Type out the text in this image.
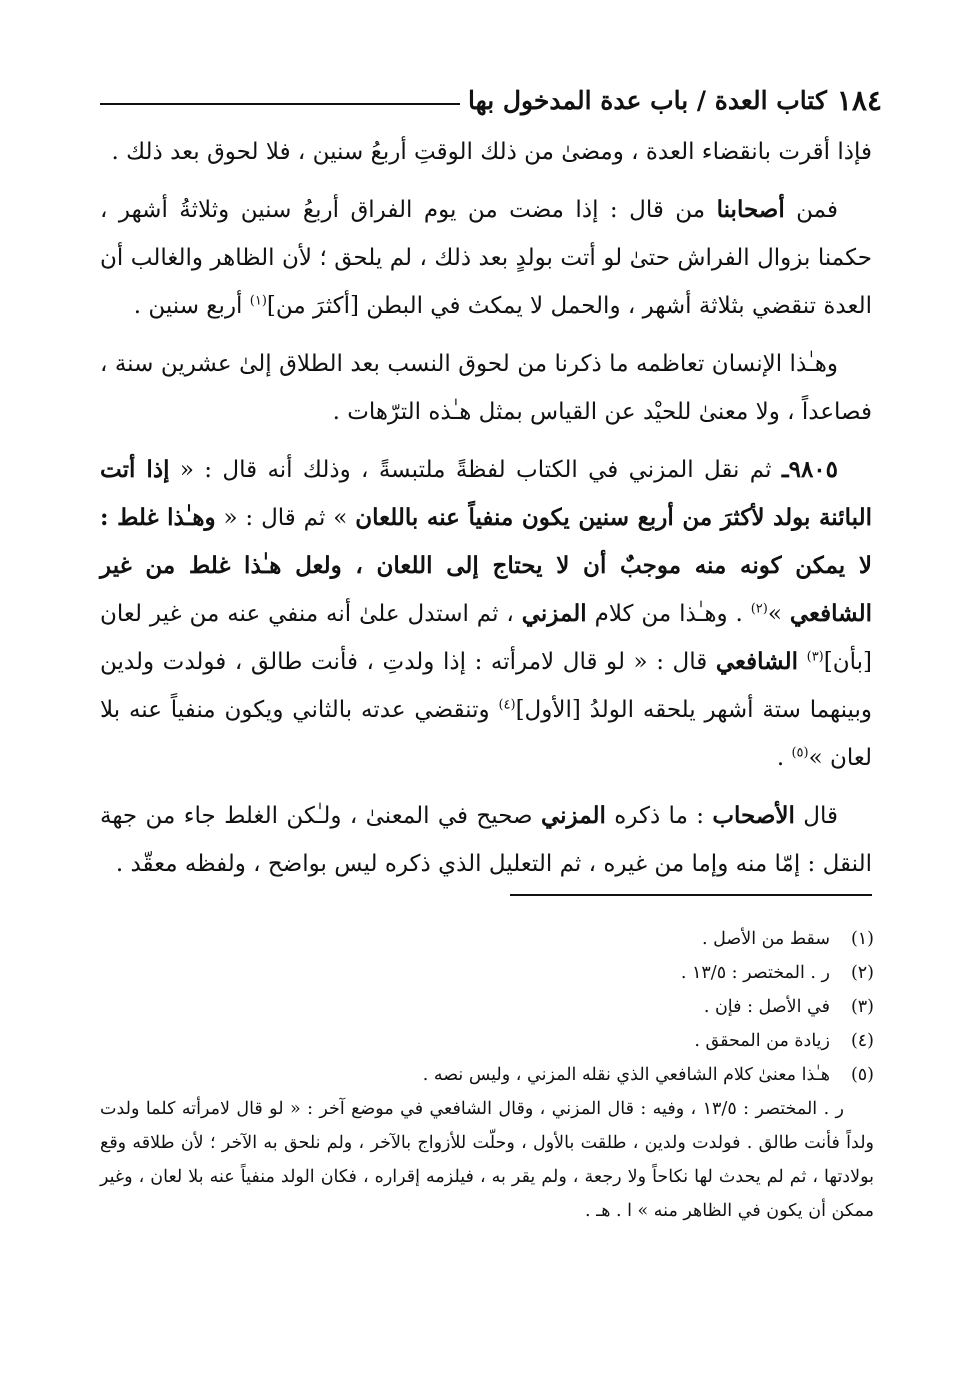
١٨٤
كتاب العدة / باب عدة المدخول بها

فإذا أقرت بانقضاء العدة ، ومضىٰ من ذلك الوقتِ أربعُ سنين ، فلا لحوق بعد ذلك .

فمن أصحابنا من قال : إذا مضت من يوم الفراق أربعُ سنين وثلاثةُ أشهر ، حكمنا بزوال الفراش حتىٰ لو أتت بولدٍ بعد ذلك ، لم يلحق ؛ لأن الظاهر والغالب أن العدة تنقضي بثلاثة أشهر ، والحمل لا يمكث في البطن [أكثرَ من]$^{(١)}$ أربع سنين .

وهـٰذا الإنسان تعاظمه ما ذكرنا من لحوق النسب بعد الطلاق إلىٰ عشرين سنة ، فصاعداً ، ولا معنىٰ للحيْد عن القياس بمثل هـٰذه الترّهات .

٩٨٠٥ـ ثم نقل المزني في الكتاب لفظةً ملتبسةً ، وذلك أنه قال : « إذا أتت البائنة بولد لأكثرَ من أربع سنين يكون منفياً عنه باللعان » ثم قال : « وهـٰذا غلط : لا يمكن كونه منه موجبٌ أن لا يحتاج إلى اللعان ، ولعل هـٰذا غلط من غير الشافعي »$^{(٢)}$ . وهـٰذا من كلام المزني ، ثم استدل علىٰ أنه منفي عنه من غير لعان [بأن]$^{(٣)}$ الشافعي قال : « لو قال لامرأته : إذا ولدتِ ، فأنت طالق ، فولدت ولدين وبينهما ستة أشهر يلحقه الولدُ [الأول]$^{(٤)}$ وتنقضي عدته بالثاني ويكون منفياً عنه بلا لعان »$^{(٥)}$ .

قال الأصحاب : ما ذكره المزني صحيح في المعنىٰ ، ولـٰكن الغلط جاء من جهة النقل : إمّا منه وإما من غيره ، ثم التعليل الذي ذكره ليس بواضح ، ولفظه معقّد .

(١)
سقط من الأصل .
(٢)
ر . المختصر : ١٣/٥ .
(٣)
في الأصل : فإن .
(٤)
زيادة من المحقق .
(٥)
هـٰذا معنىٰ كلام الشافعي الذي نقله المزني ، وليس نصه .

ر . المختصر : ١٣/٥ ، وفيه : قال المزني ، وقال الشافعي في موضع آخر : « لو قال لامرأته كلما ولدت ولداً فأنت طالق . فولدت ولدين ، طلقت بالأول ، وحلّت للأزواج بالآخر ، ولم نلحق به الآخر ؛ لأن طلاقه وقع بولادتها ، ثم لم يحدث لها نكاحاً ولا رجعة ، ولم يقر به ، فيلزمه إقراره ، فكان الولد منفياً عنه بلا لعان ، وغير ممكن أن يكون في الظاهر منه » ا . هـ .
